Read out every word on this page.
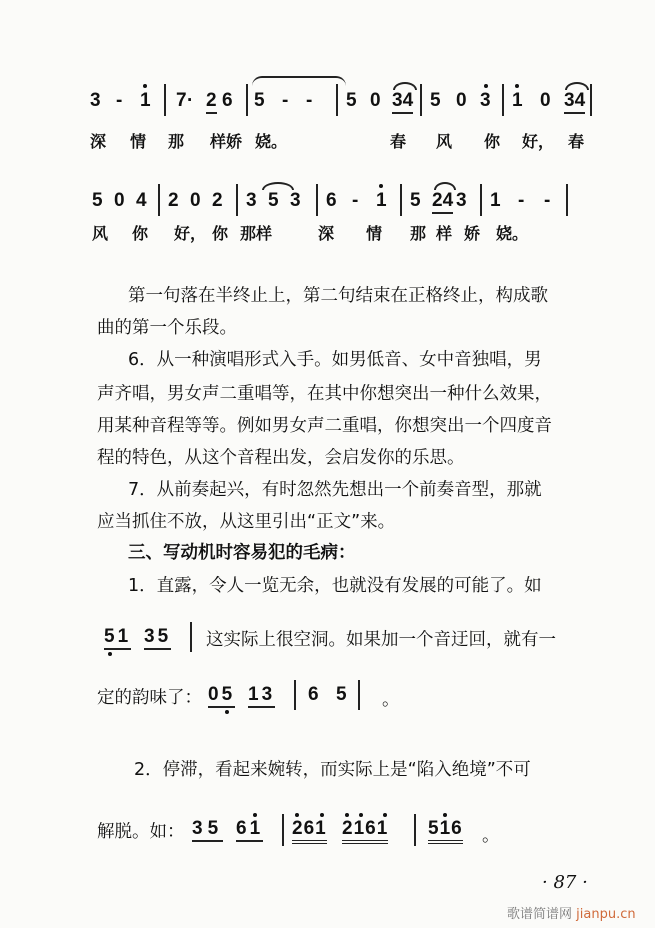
3 - 1 7 · 2 6 5 - - 5 0 34 5 0 3 1 0 34
深 情 那 样娇 娆。	春 风 你 好， 春
5 0 4 2 0 2 3 5 3 6 - 1 5 24 3 1 - -
风 你 好， 你 那样	深 情 那 样 娇 娆。
第一句落在半终止上，第二句结束在正格终止，构成歌
曲的第一个乐段。
6．从一种演唱形式入手。如男低音、女中音独唱，男
声齐唱，男女声二重唱等，在其中你想突出一种什么效果，
用某种音程等等。例如男女声二重唱，你想突出一个四度音
程的特色，从这个音程出发，会启发你的乐思。
7．从前奏起兴，有时忽然先想出一个前奏音型，那就
应当抓住不放，从这里引出“正文”来。
三、写动机时容易犯的毛病：
1．直露，令人一览无余，也就没有发展的可能了。如
51 35 这实际上很空洞。如果加一个音迂回，就有一
定的韵味了： 05 13 6 5 。
2．停滞，看起来婉转，而实际上是“陷入绝境”不可
解脱。如： 35 61 261 2161 516 。
· 87 ·
歌谱简谱网 jianpu.cn
